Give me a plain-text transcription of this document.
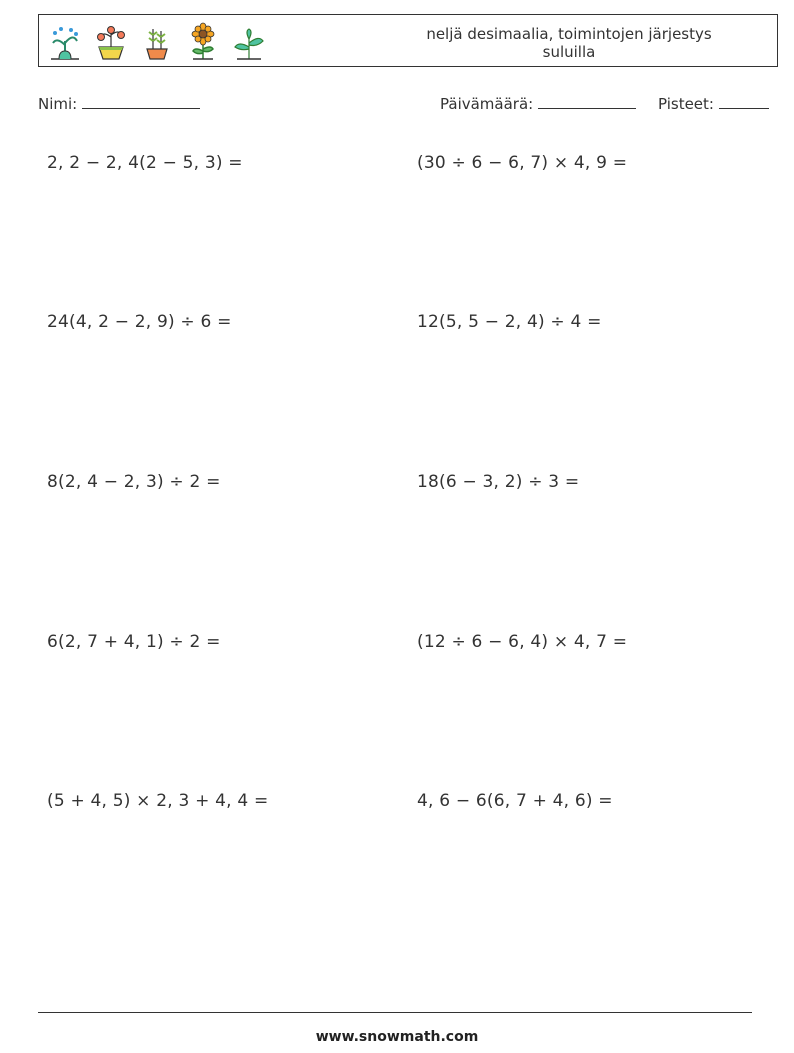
neljä desimaalia, toimintojen järjestys suluilla
Nimi:	Päivämäärä:	Pisteet:
2, 2 − 2, 4(2 − 5, 3) =	(30 ÷ 6 − 6, 7) × 4, 9 =
24(4, 2 − 2, 9) ÷ 6 =	12(5, 5 − 2, 4) ÷ 4 =
8(2, 4 − 2, 3) ÷ 2 =	18(6 − 3, 2) ÷ 3 =
6(2, 7 + 4, 1) ÷ 2 =	(12 ÷ 6 − 6, 4) × 4, 7 =
(5 + 4, 5) × 2, 3 + 4, 4 =	4, 6 − 6(6, 7 + 4, 6) =
www.snowmath.com
